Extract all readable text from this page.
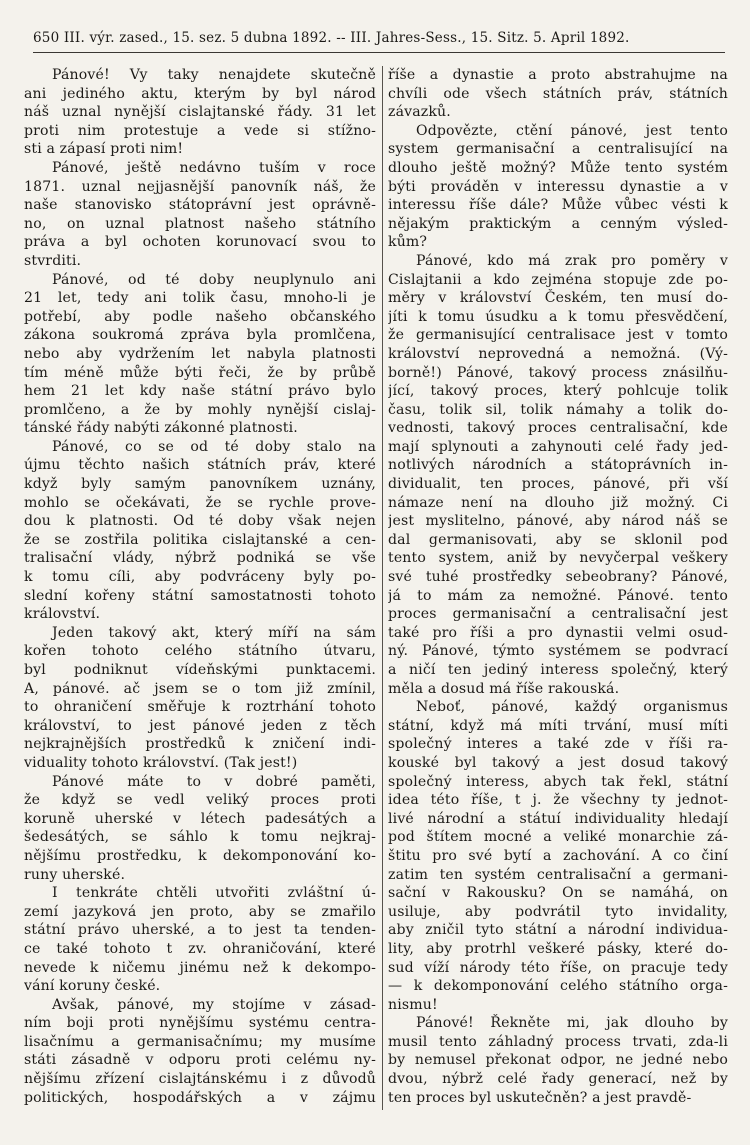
650 III. výr. zased., 15. sez. 5 dubna 1892. -- III. Jahres-Sess., 15. Sitz. 5. April 1892.
Pánové! Vy taky nenajdete skutečně
ani jediného aktu, kterým by byl národ
náš uznal nynější cislajtanské řády. 31 let
proti nim protestuje a vede si stížno-
sti a zápasí proti nim!
Pánové, ještě nedávno tuším v roce
1871. uznal nejjasnější panovník náš, že
naše stanovisko státoprávní jest oprávně-
no, on uznal platnost našeho státního
práva a byl ochoten korunovací svou to
stvrditi.
Pánové, od té doby neuplynulo ani
21 let, tedy ani tolik času, mnoho-li je
potřebí, aby podle našeho občanského
zákona soukromá zpráva byla promlčena,
nebo aby vydržením let nabyla platnosti
tím méně může býti řeči, že by průbě
hem 21 let kdy naše státní právo bylo
promlčeno, a že by mohly nynější cislaj-
tánské řády nabýti zákonné platnosti.
Pánové, co se od té doby stalo na
újmu těchto našich státních práv, které
když byly samým panovníkem uznány,
mohlo se očekávati, že se rychle prove-
dou k platnosti. Od té doby však nejen
že se zostřila politika cislajtanské a cen-
tralisační vlády, nýbrž podniká se vše
k tomu cíli, aby podvráceny byly po-
slední kořeny státní samostatnosti tohoto
království.
Jeden takový akt, který míří na sám
kořen tohoto celého státního útvaru,
byl podniknut vídeňskými punktacemi.
A, pánové. ač jsem se o tom již zmínil,
to ohraničení směřuje k roztrhání tohoto
království, to jest pánové jeden z těch
nejkrajnějších prostředků k zničení indi-
viduality tohoto království. (Tak jest!)
Pánové máte to v dobré paměti,
že když se vedl veliký proces proti
koruně uherské v létech padesátých a
šedesátých, se sáhlo k tomu nejkraj-
nějšímu prostředku, k dekomponování ko-
runy uherské.
I tenkráte chtěli utvořiti zvláštní ú-
zemí jazyková jen proto, aby se zmařilo
státní právo uherské, a to jest ta tenden-
ce také tohoto t zv. ohraničování, které
nevede k ničemu jinému než k dekompo-
vání koruny české.
Avšak, pánové, my stojíme v zásad-
ním boji proti nynějšímu systému centra-
lisačnímu a germanisačnímu; my musíme
státi zásadně v odporu proti celému ny-
nějšímu zřízení cislajtánskému i z důvodů
politických, hospodářských a v zájmu
říše a dynastie a proto abstrahujme na
chvíli ode všech státních práv, státních
závazků.
Odpovězte, ctění pánové, jest tento
system germanisační a centralisující na
dlouho ještě možný? Může tento systém
býti prováděn v interessu dynastie a v
interessu říše dále? Může vůbec vésti k
nějakým praktickým a cenným výsled-
kům?
Pánové, kdo má zrak pro poměry v
Cislajtanii a kdo zejména stopuje zde po-
měry v království Českém, ten musí do-
jíti k tomu úsudku a k tomu přesvědčení,
že germanisující centralisace jest v tomto
království neprovedná a nemožná. (Vý-
borně!) Pánové, takový process znásilňu-
jící, takový proces, který pohlcuje tolik
času, tolik sil, tolik námahy a tolik do-
vednosti, takový proces centralisační, kde
mají splynouti a zahynouti celé řady jed-
notlivých národních a státoprávních in-
dividualit, ten proces, pánové, při vší
námaze není na dlouho již možný. Ci
jest myslitelno, pánové, aby národ náš se
dal germanisovati, aby se sklonil pod
tento system, aniž by nevyčerpal veškery
své tuhé prostředky sebeobrany? Pánové,
já to mám za nemožné. Pánové. tento
proces germanisační a centralisační jest
také pro říši a pro dynastii velmi osud-
ný. Pánové, týmto systémem se podvrací
a ničí ten jediný interess společný, který
měla a dosud má říše rakouská.
Neboť, pánové, každý organismus
státní, když má míti trvání, musí míti
společný interes a také zde v říši ra-
kouské byl takový a jest dosud takový
společný interess, abych tak řekl, státní
idea této říše, t j. že všechny ty jednot-
livé národní a státuí individuality hledají
pod štítem mocné a veliké monarchie zá-
štitu pro své bytí a zachování. A co činí
zatim ten systém centralisační a germani-
sační v Rakousku? On se namáhá, on
usiluje, aby podvrátil tyto invidality,
aby zničil tyto státní a národní individua-
lity, aby protrhl veškeré pásky, které do-
sud víží národy této říše, on pracuje tedy
— k dekomponování celého státního orga-
nismu!
Pánové! Řekněte mi, jak dlouho by
musil tento záhladný process trvati, zda-li
by nemusel překonat odpor, ne jedné nebo
dvou, nýbrž celé řady generací, než by
ten proces byl uskutečněn? a jest pravdě-
